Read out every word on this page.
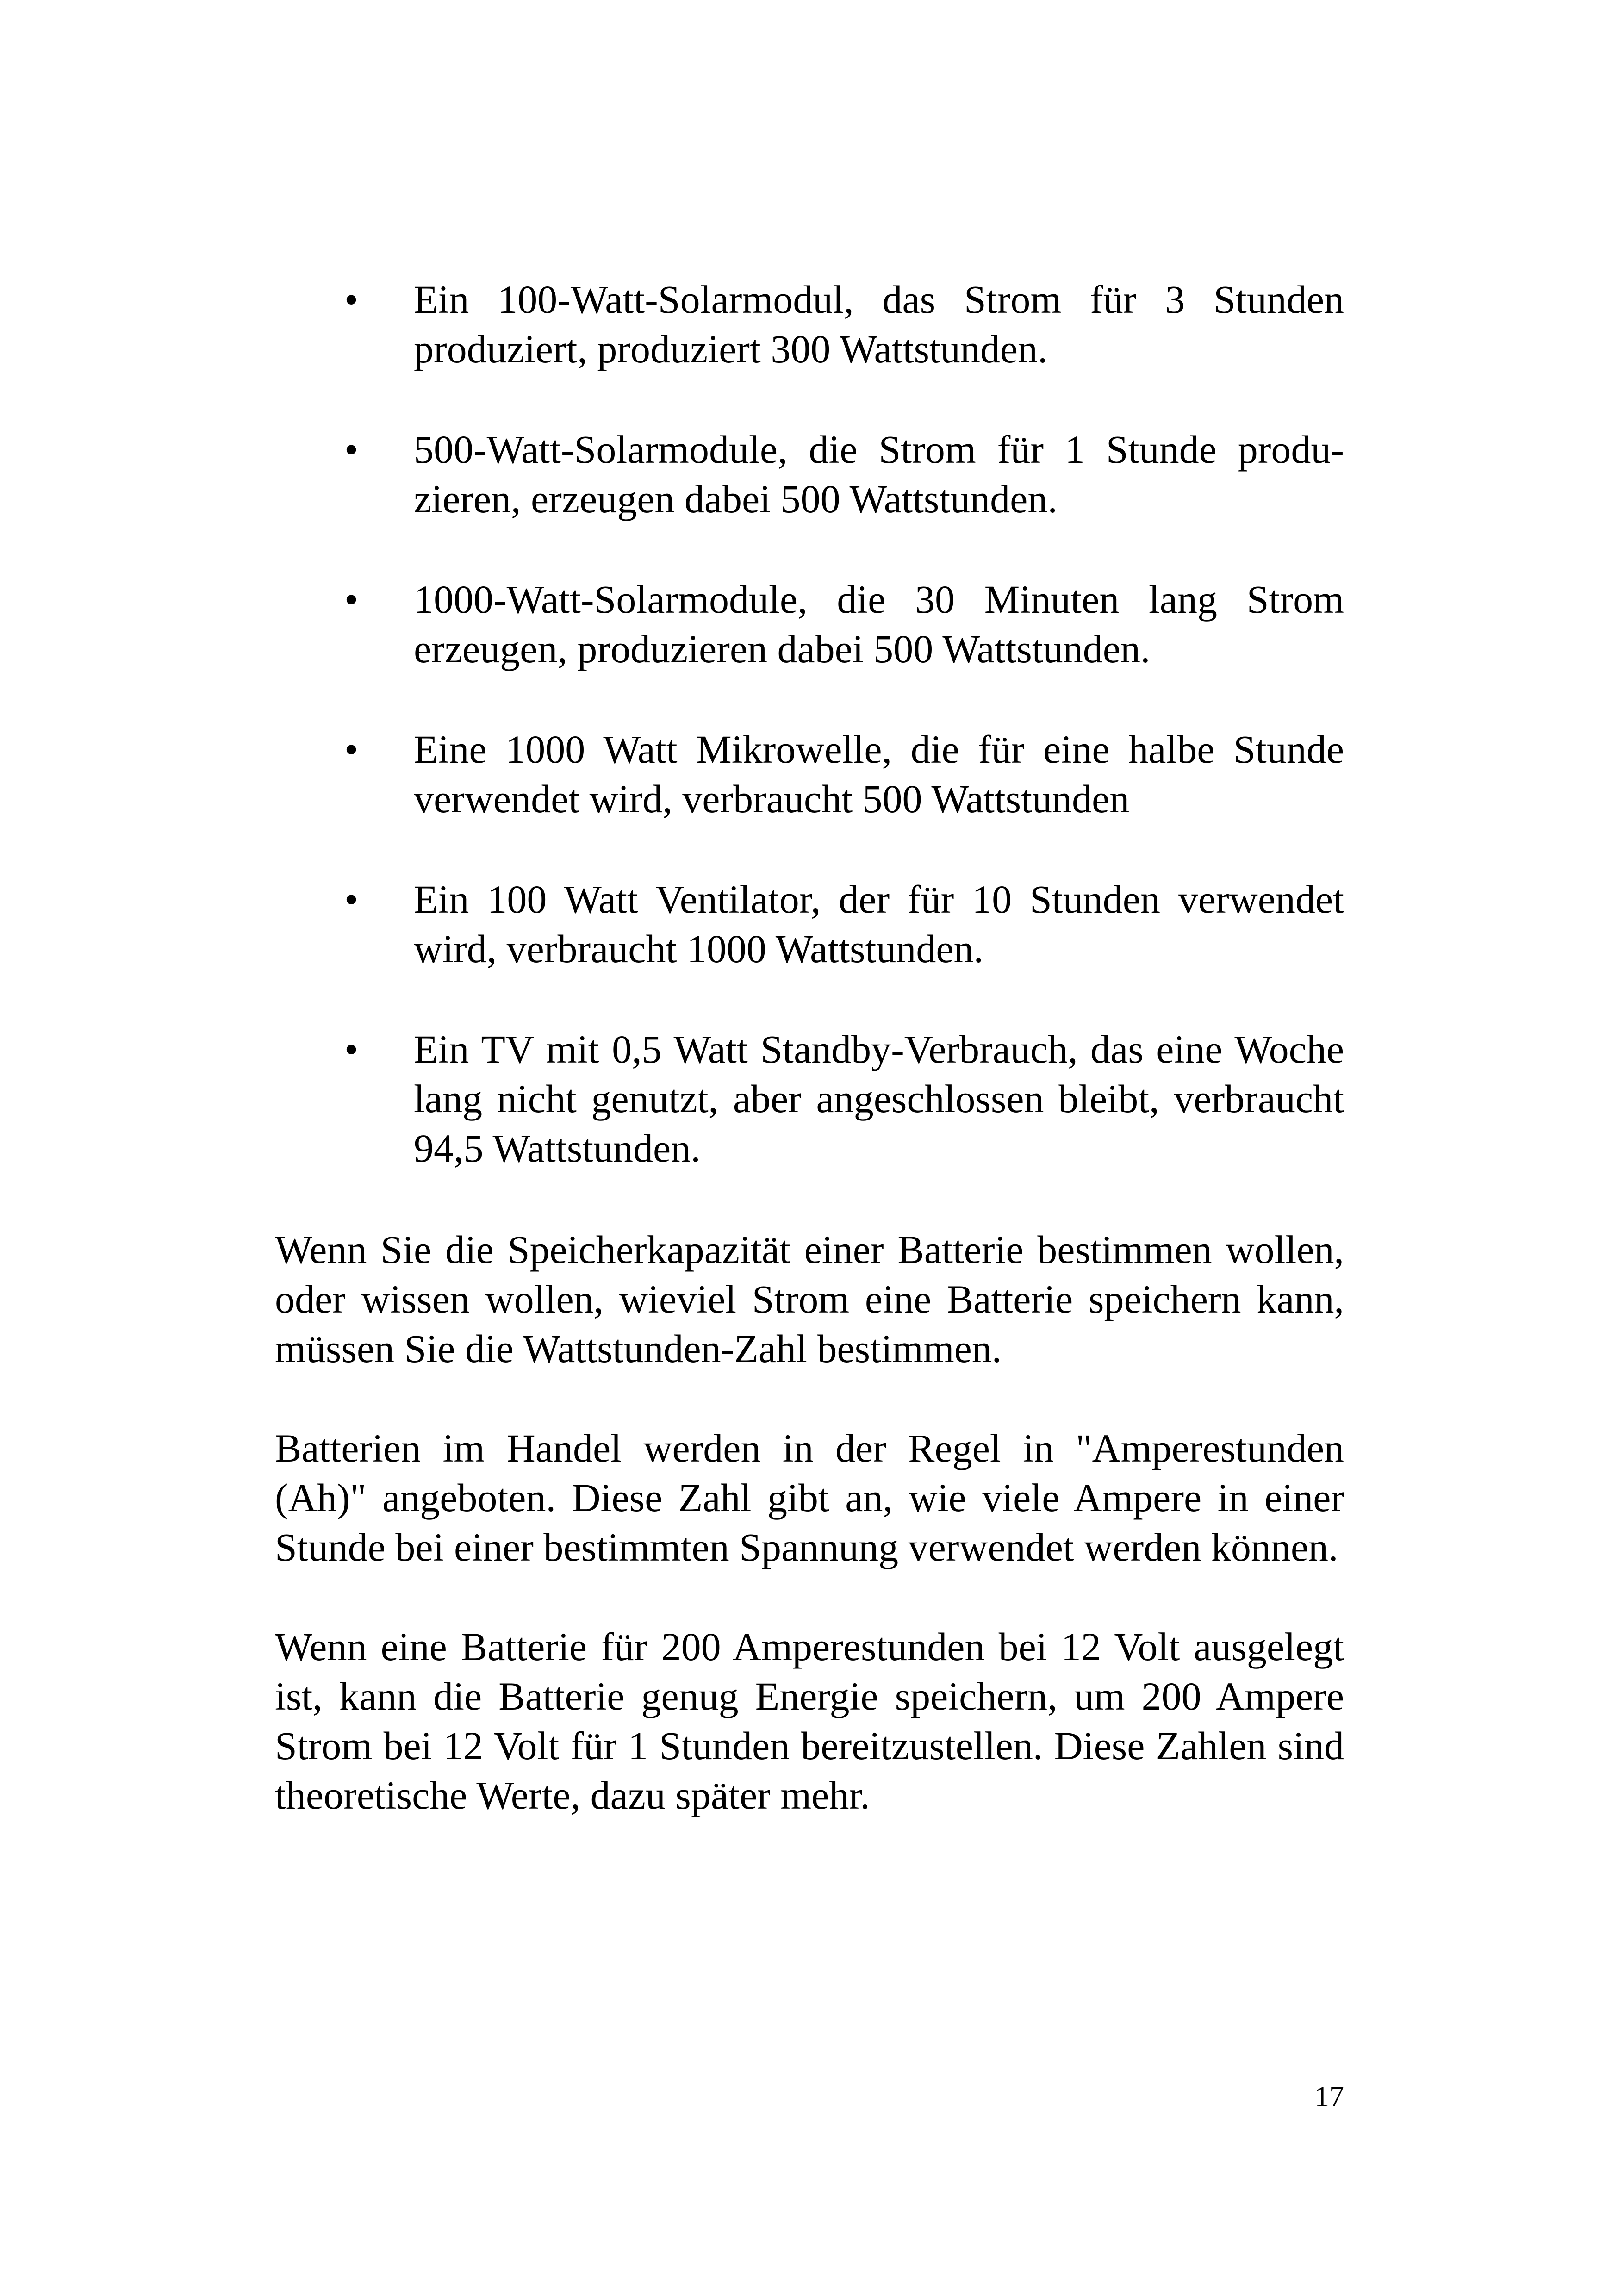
•	Ein 100-Watt-Solarmodul, das Strom für 3 Stunden produziert, produziert 300 Wattstunden.
•	500-Watt-Solarmodule, die Strom für 1 Stunde produzieren, erzeugen dabei 500 Wattstunden.
•	1000-Watt-Solarmodule, die 30 Minuten lang Strom erzeugen, produzieren dabei 500 Wattstunden.
•	Eine 1000 Watt Mikrowelle, die für eine halbe Stunde verwendet wird, verbraucht 500 Wattstunden
•	Ein 100 Watt Ventilator, der für 10 Stunden verwendet wird, verbraucht 1000 Wattstunden.
•	Ein TV mit 0,5 Watt Standby-Verbrauch, das eine Woche lang nicht genutzt, aber angeschlossen bleibt, verbraucht 94,5 Wattstunden.

Wenn Sie die Speicherkapazität einer Batterie bestimmen wollen, oder wissen wollen, wieviel Strom eine Batterie speichern kann, müssen Sie die Wattstunden-Zahl bestimmen.

Batterien im Handel werden in der Regel in "Amperestunden (Ah)" angeboten. Diese Zahl gibt an, wie viele Ampere in einer Stunde bei einer bestimmten Spannung verwendet werden können.

Wenn eine Batterie für 200 Amperestunden bei 12 Volt ausgelegt ist, kann die Batterie genug Energie speichern, um 200 Ampere Strom bei 12 Volt für 1 Stunden bereitzustellen. Diese Zahlen sind theoretische Werte, dazu später mehr.

17
